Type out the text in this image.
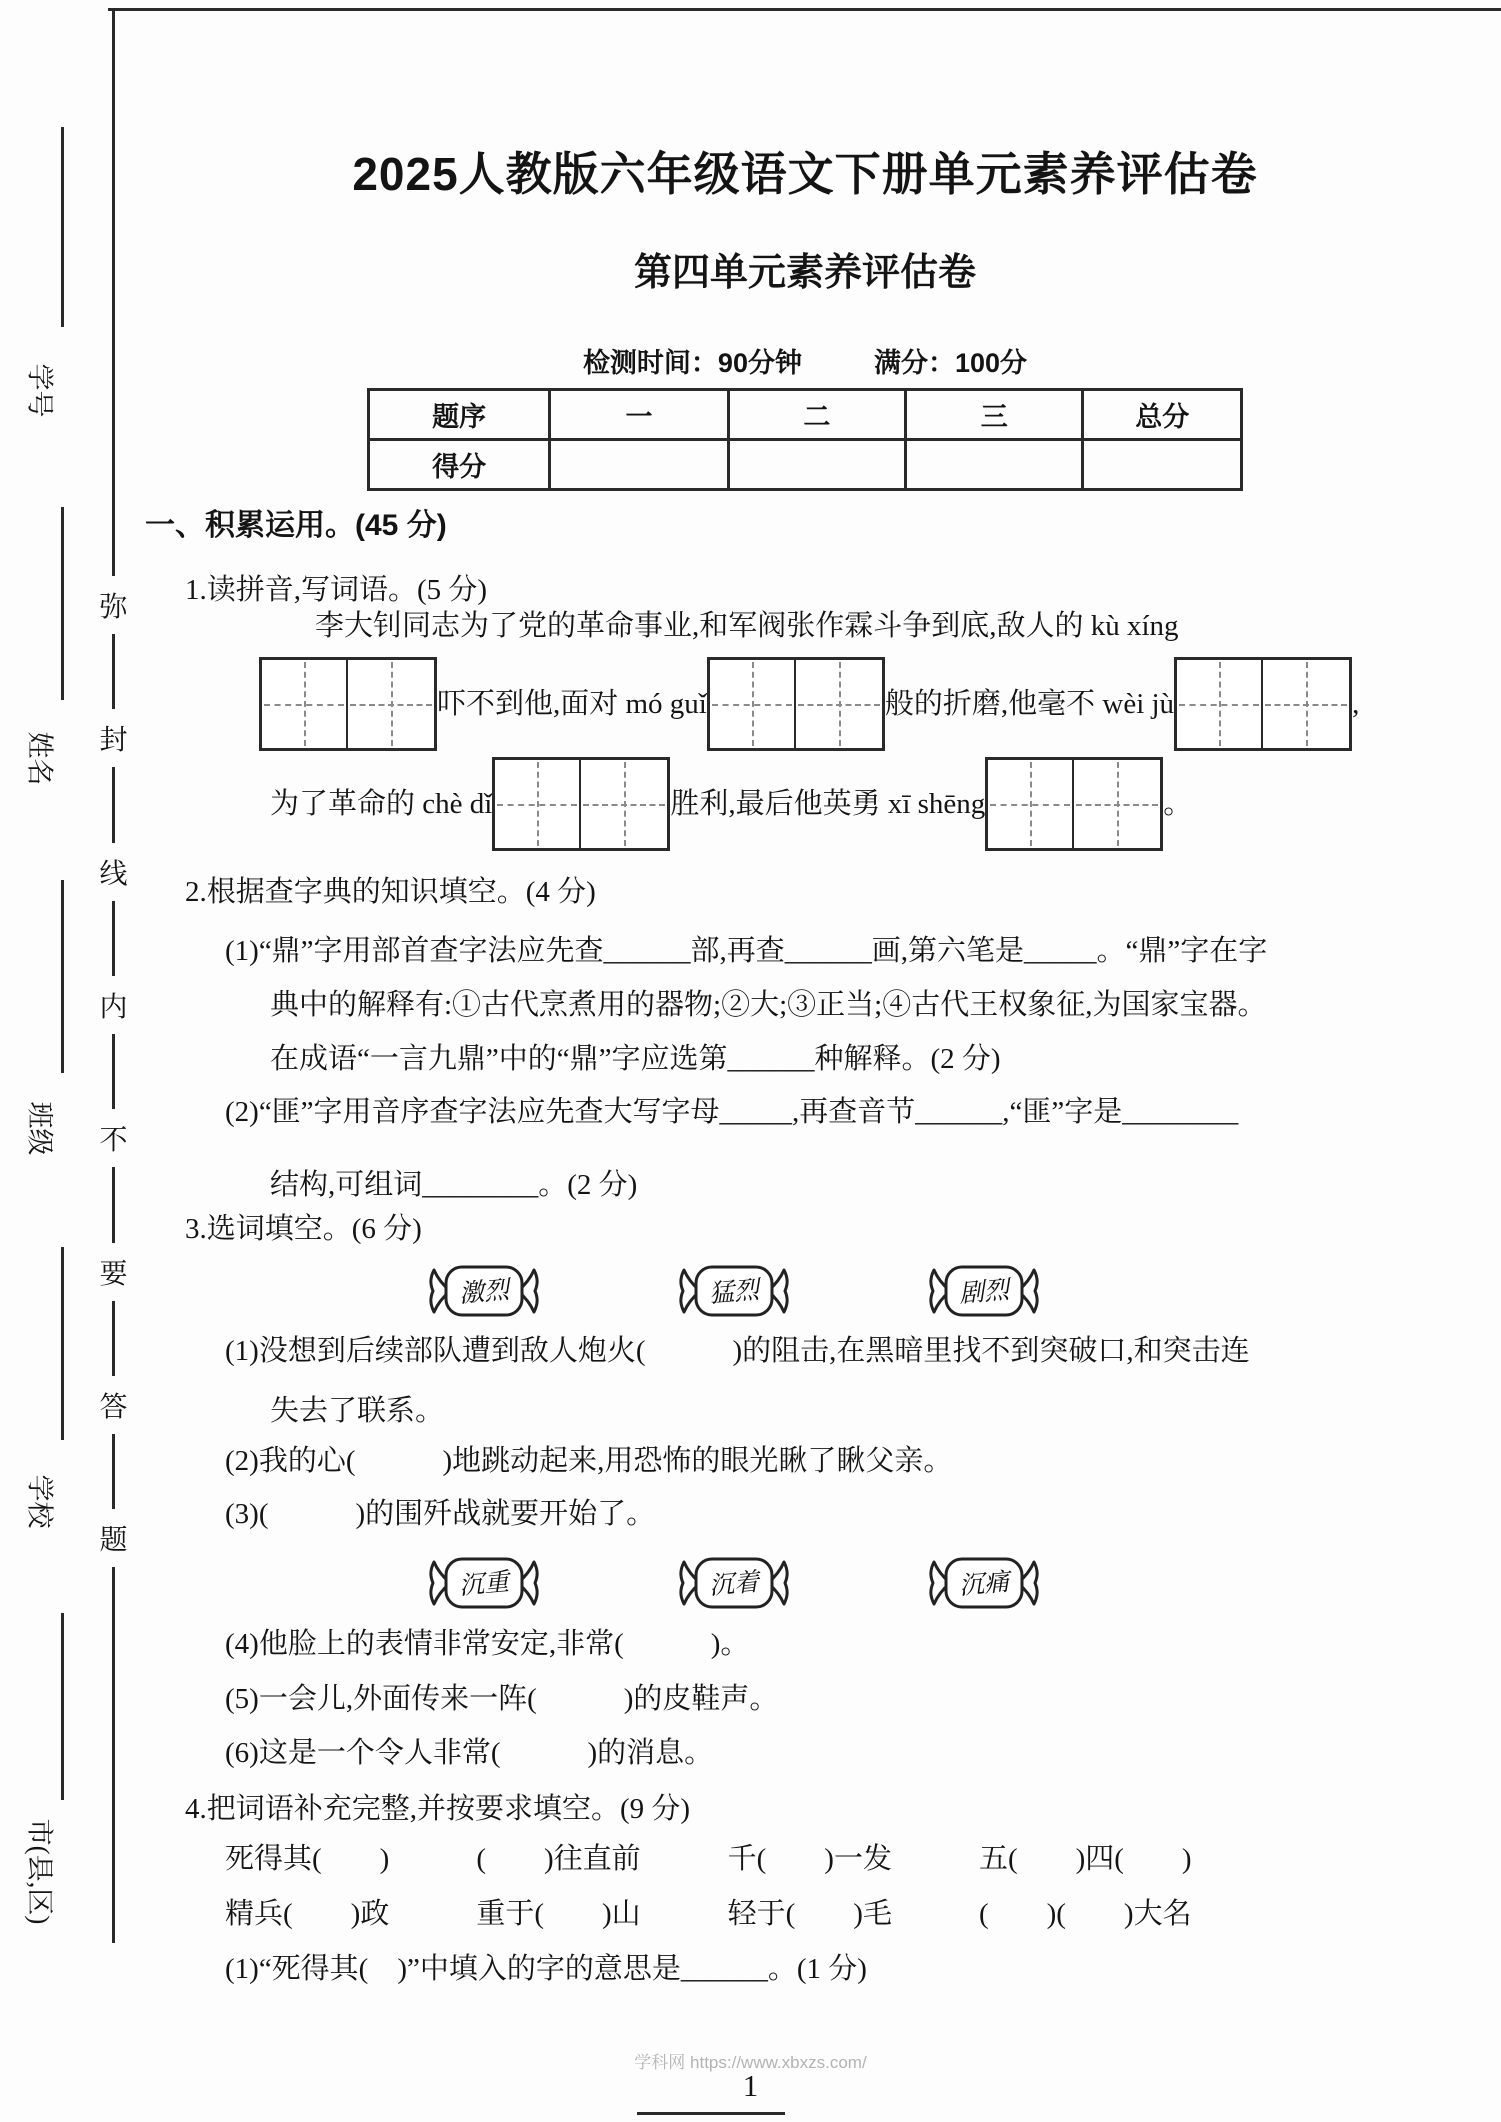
弥
封
线
内
不
要
答
题
学号
姓名
班级
学校
市(县,区)
2025人教版六年级语文下册单元素养评估卷
第四单元素养评估卷
检测时间：90分钟	满分：100分
题序	一	二	三	总分
得分				
一、积累运用。(45 分)
1.读拼音,写词语。(5 分)
李大钊同志为了党的革命事业,和军阀张作霖斗争到底,敌人的 kù xíng
吓不到他,面对 mó guǐ	般的折磨,他毫不 wèi jù	,
为了革命的 chè dǐ	胜利,最后他英勇 xī shēng	。
2.根据查字典的知识填空。(4 分)
(1)“鼎”字用部首查字法应先查______部,再查______画,第六笔是_____。“鼎”字在字
典中的解释有:①古代烹煮用的器物;②大;③正当;④古代王权象征,为国家宝器。
在成语“一言九鼎”中的“鼎”字应选第______种解释。(2 分)
(2)“匪”字用音序查字法应先查大写字母_____,再查音节______,“匪”字是________
结构,可组词________。(2 分)
3.选词填空。(6 分)
激烈	猛烈	剧烈
(1)没想到后续部队遭到敌人炮火(　　　)的阻击,在黑暗里找不到突破口,和突击连
失去了联系。
(2)我的心(　　　)地跳动起来,用恐怖的眼光瞅了瞅父亲。
(3)(　　　)的围歼战就要开始了。
沉重	沉着	沉痛
(4)他脸上的表情非常安定,非常(　　　)。
(5)一会儿,外面传来一阵(　　　)的皮鞋声。
(6)这是一个令人非常(　　　)的消息。
4.把词语补充完整,并按要求填空。(9 分)
死得其(　　)　　　(　　)往直前　　　千(　　)一发　　　五(　　)四(　　)
精兵(　　)政　　　重于(　　)山　　　轻于(　　)毛　　　(　　)(　　)大名
(1)“死得其(　)”中填入的字的意思是______。(1 分)
学科网 https://www.xbxzs.com/
1
